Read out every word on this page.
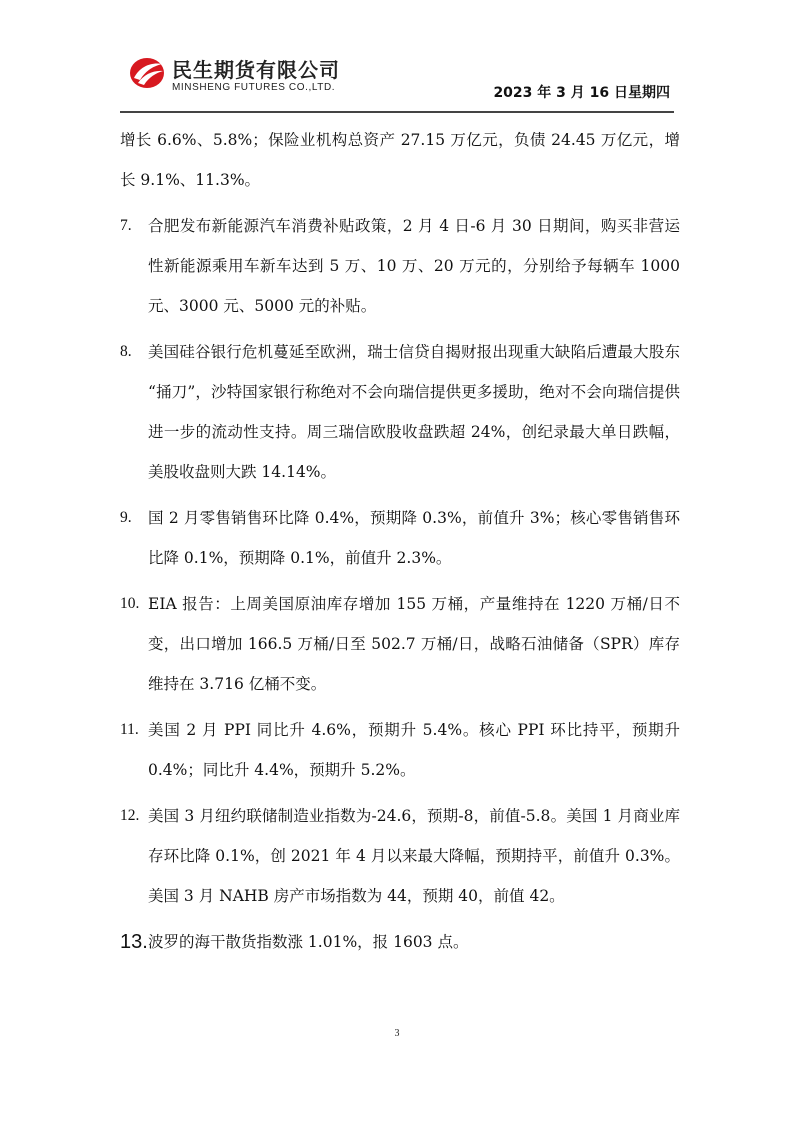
民生期货有限公司
MINSHENG FUTURES CO.,LTD.	2023 年 3 月 16 日星期四

增长 6.6%、5.8%；保险业机构总资产 27.15 万亿元，负债 24.45 万亿元，增长 9.1%、11.3%。

7.	合肥发布新能源汽车消费补贴政策，2 月 4 日-6 月 30 日期间，购买非营运性新能源乘用车新车达到 5 万、10 万、20 万元的，分别给予每辆车 1000 元、3000 元、5000 元的补贴。
8.	美国硅谷银行危机蔓延至欧洲，瑞士信贷自揭财报出现重大缺陷后遭最大股东 “捅刀”，沙特国家银行称绝对不会向瑞信提供更多援助，绝对不会向瑞信提供进一步的流动性支持。周三瑞信欧股收盘跌超 24%，创纪录最大单日跌幅，美股收盘则大跌 14.14%。
9.	国 2 月零售销售环比降 0.4%，预期降 0.3%，前值升 3%；核心零售销售环比降 0.1%，预期降 0.1%，前值升 2.3%。
10. EIA 报告：上周美国原油库存增加 155 万桶，产量维持在 1220 万桶/日不变，出口增加 166.5 万桶/日至 502.7 万桶/日，战略石油储备（SPR）库存维持在 3.716 亿桶不变。
11. 美国 2 月 PPI 同比升 4.6%，预期升 5.4%。核心 PPI 环比持平，预期升 0.4%；同比升 4.4%，预期升 5.2%。
12. 美国 3 月纽约联储制造业指数为-24.6，预期-8，前值-5.8。美国 1 月商业库存环比降 0.1%，创 2021 年 4 月以来最大降幅，预期持平，前值升 0.3%。美国 3 月 NAHB 房产市场指数为 44，预期 40，前值 42。
13. 波罗的海干散货指数涨 1.01%，报 1603 点。
3
